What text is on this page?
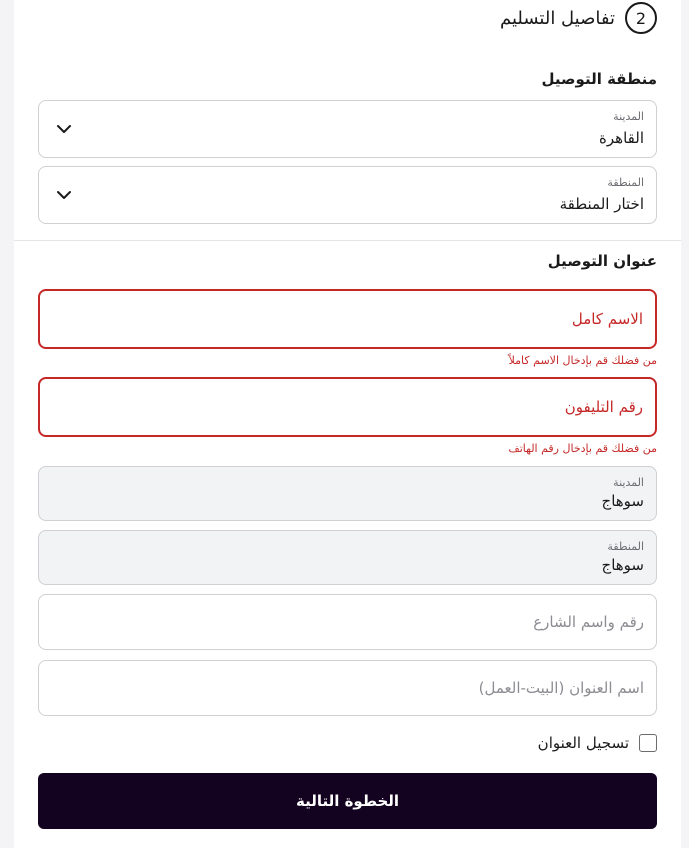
2
تفاصيل التسليم
منطقة التوصيل
المدينة
القاهرة
المنطقة
اختار المنطقة
عنوان التوصيل
الاسم كامل
من فضلك قم بإدخال الاسم كاملاً
رقم التليفون
من فضلك قم بإدخال رقم الهاتف
المدينة
سوهاج
المنطقة
سوهاج
رقم واسم الشارع
اسم العنوان (البيت-العمل)
تسجيل العنوان
الخطوة التالية
